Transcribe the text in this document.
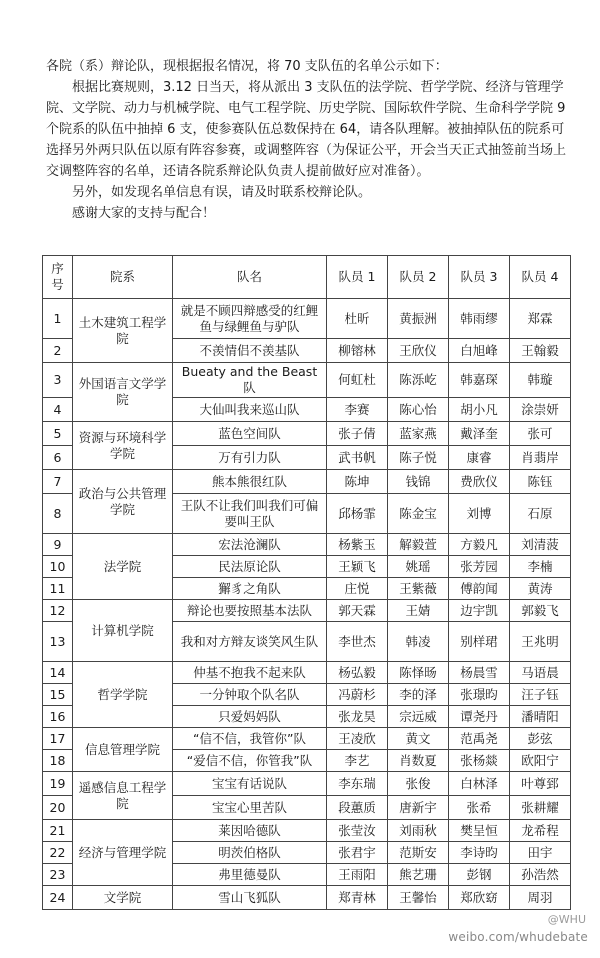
各院（系）辩论队，现根据报名情况，将 70 支队伍的名单公示如下：

根据比赛规则，3.12 日当天，将从派出 3 支队伍的法学院、哲学学院、经济与管理学院、文学院、动力与机械学院、电气工程学院、历史学院、国际软件学院、生命科学学院 9 个院系的队伍中抽掉 6 支，使参赛队伍总数保持在 64，请各队理解。被抽掉队伍的院系可选择另外两只队伍以原有阵容参赛，或调整阵容（为保证公平，开会当天正式抽签前当场上交调整阵容的名单，还请各院系辩论队负责人提前做好应对准备）。

另外，如发现名单信息有误，请及时联系校辩论队。

感谢大家的支持与配合！

序号	院系	队名	队员 1	队员 2	队员 3	队员 4
1	土木建筑工程学院	就是不顾四辩感受的红鲤鱼与绿鲤鱼与驴队	杜昕	黄振洲	韩雨缪	郑霖
2		不羡情侣不羡基队	柳镕林	王欣仪	白旭峰	王翰毅
3	外国语言文学学院	Bueaty and the Beast 队	何虹杜	陈泺屹	韩嘉琛	韩璇
4		大仙叫我来巡山队	李赛	陈心怡	胡小凡	涂崇妍
5	资源与环境科学学院	蓝色空间队	张子倩	蓝家燕	戴泽奎	张可
6		万有引力队	武书帆	陈子悦	康睿	肖翡岸
7	政治与公共管理学院	熊本熊很红队	陈坤	钱锦	费欣仪	陈钰
8		王队不让我们叫我们可偏要叫王队	邱杨霏	陈金宝	刘博	石原
9	法学院	宏法沧澜队	杨紫玉	解毅萱	方毅凡	刘清菠
10		民法原论队	王颖飞	姚瑶	张芳园	李楠
11		獬豸之角队	庄悦	王紫薇	傅韵闻	黄涛
12	计算机学院	辩论也要按照基本法队	郭天霖	王婧	边宇凯	郭毅飞
13		我和对方辩友谈笑风生队	李世杰	韩凌	别样珺	王兆明
14	哲学学院	仲基不抱我不起来队	杨弘毅	陈怿旸	杨晨雪	马语晨
15		一分钟取个队名队	冯蔚杉	李的泽	张璟昀	汪子钰
16		只爱妈妈队	张龙昊	宗远威	谭尧丹	潘晴阳
17	信息管理学院	“信不信，我管你”队	王凌欣	黄文	范禹尧	彭弦
18		“爱信不信，你管我”队	李艺	肖数夏	张杨燚	欧阳宁
19	遥感信息工程学院	宝宝有话说队	李东瑞	张俊	白林泽	叶尊郅
20		宝宝心里苦队	段蕙质	唐新宇	张希	张耕耀
21	经济与管理学院	莱因哈德队	张莹汝	刘雨秋	樊呈恒	龙希程
22		明茨伯格队	张君宇	范斯安	李诗昀	田宇
23		弗里德曼队	王雨阳	熊艺珊	彭钢	孙浩然
24	文学院	雪山飞狐队	郑青林	王馨怡	郑欣窈	周羽
@WHU
weibo.com/whudebate
